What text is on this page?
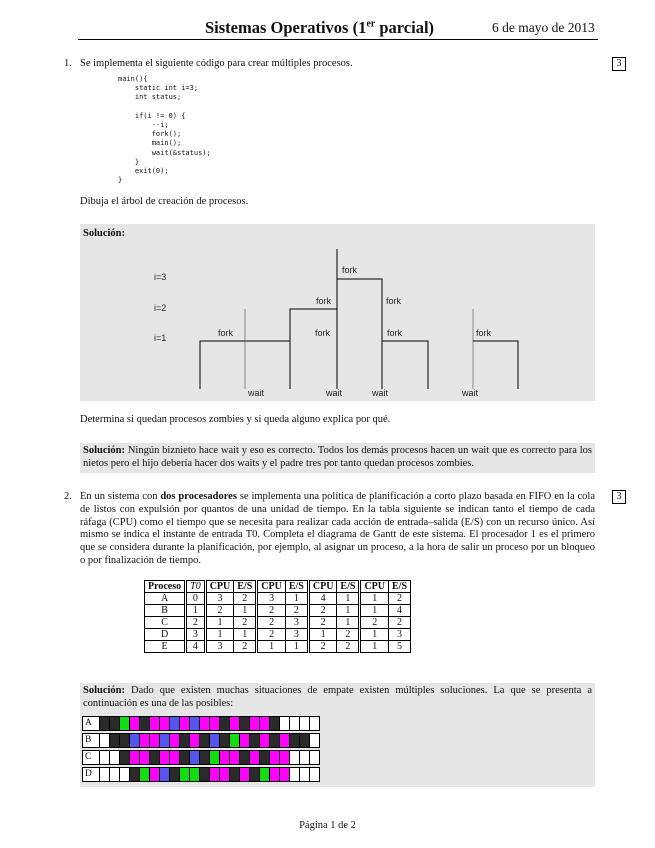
Sistemas Operativos (1er parcial)	6 de mayo de 2013
1. Se implementa el siguiente código para crear múltiples procesos.	3
main(){
static int i=3;
int status;

if(i != 0) {
--i;
fork();
main();
wait(&status);
}
exit(0);
}
Dibuja el árbol de creación de procesos.
Solución:
i=3
i=2
i=1
fork
fork	fork
fork	fork	fork	fork
wait	wait	wait	wait
Determina si quedan procesos zombies y si queda alguno explica por qué.
Solución: Ningún biznieto hace wait y eso es correcto. Todos los demás procesos hacen un wait que es correcto para los nietos pero el hijo debería hacer dos waits y el padre tres por tanto quedan procesos zombies.
2.	3
En un sistema con dos procesadores se implementa una política de planificación a corto plazo basada en FIFO en la cola de listos con expulsión por quantos de una unidad de tiempo. En la tabla siguiente se indican tanto el tiempo de cada ráfaga (CPU) como el tiempo que se necesita para realizar cada acción de entrada–salida (E/S) con un recurso único. Así mismo se indica el instante de entrada T0. Completa el diagrama de Gantt de este sistema. El procesador 1 es el primero que se considera durante la planificación, por ejemplo, al asignar un proceso, a la hora de salir un proceso por un bloqueo o por finalización de tiempo.
Proceso	T0	CPU	E/S	CPU	E/S	CPU	E/S	CPU	E/S
A	0	3	2	3	1	4	1	1	2
B	1	2	1	2	2	2	1	1	4
C	2	1	2	2	3	2	1	2	2
D	3	1	1	2	3	1	2	1	3
E	4	3	2	1	1	2	2	1	5
Solución: Dado que existen muchas situaciones de empate existen múltiples soluciones. La que se presenta a continuación es una de las posibles:
A
B
C
D
Página 1 de 2
